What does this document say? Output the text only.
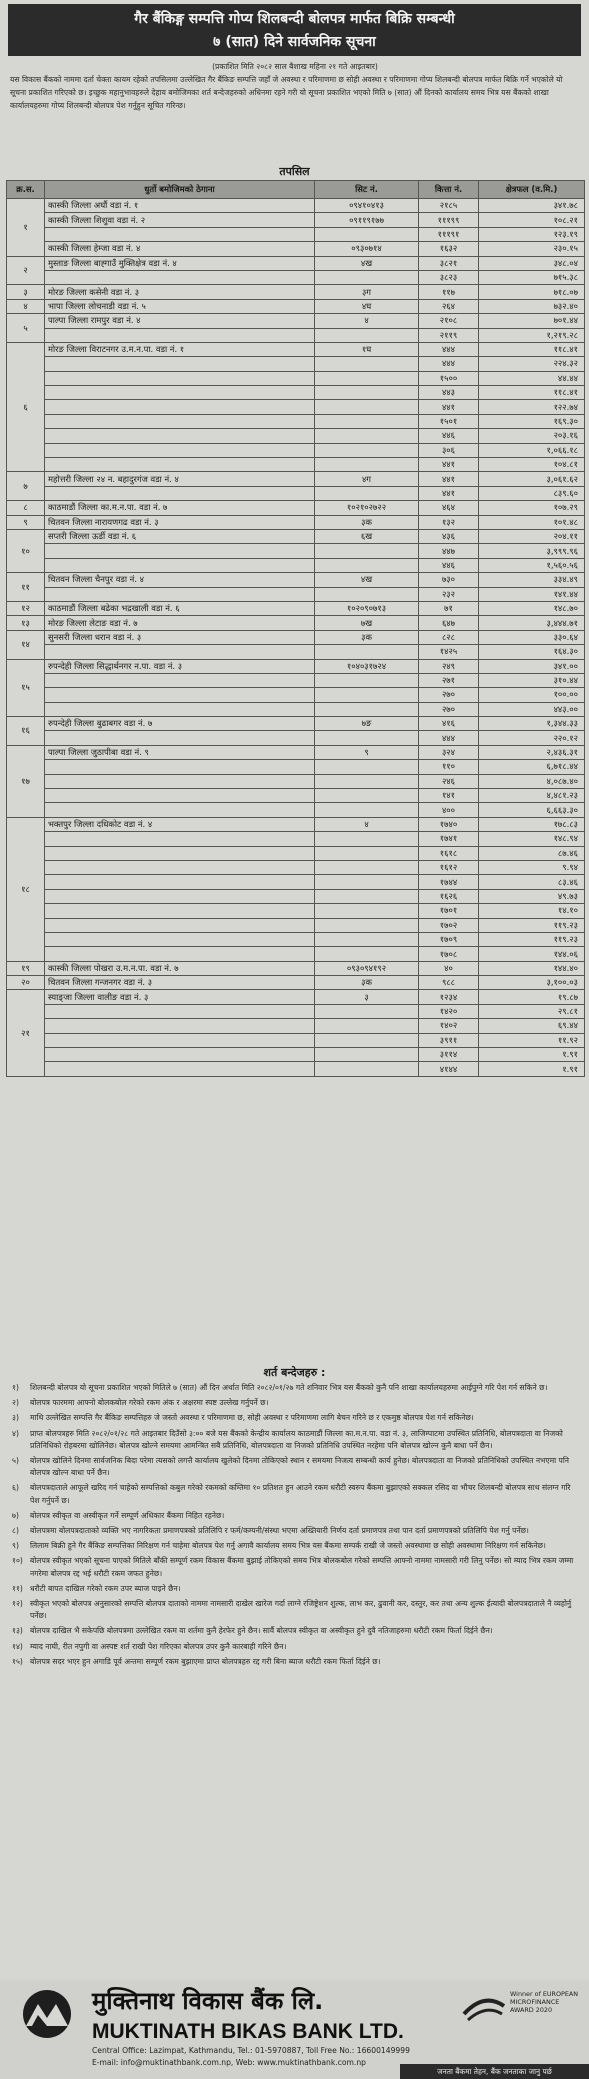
गैर बैंकिङ्ग सम्पत्ति गोप्य शिलबन्दी बोलपत्र मार्फत बिक्रि सम्बन्धी
७ (सात) दिने सार्वजनिक सूचना
(प्रकाशित मिति २०८२ साल बैशाख महिना २१ गते आइतबार)
यस विकास बैंकको नाममा दर्ता चेक्ता कायम रहेको तपसिलमा उल्लेखित गैर बैंकिङ सम्पत्ति जहाँ जे अवस्था र परिमाणमा छ सोही अवस्था र परिमाणमा गोप्य शिलबन्दी बोलपत्र मार्फत बिक्रि गर्ने भएकोले यो सूचना प्रकाशित गरिएको छ। इच्छुक महानुभावहरुले देहाय बमोजिमका शर्त बन्देजहरुको अधिनमा रहने गरी यो सूचना प्रकाशित भएको मिति ७ (सात) औं दिनको कार्यालय समय भित्र यस बैंकको शाखा कार्यालयहरुमा गोप्य शिलबन्दी बोलपत्र पेश गर्नुहुन सूचित गरिन्छ।
तपसिल
क्र.स.	धुर्तो बमोजिमको ठेगाना	सिट नं.	कित्ता नं.	क्षेत्रफल (व.मि.)
१	कास्की जिल्ला अर्घौ वडा नं. १	०९४१०४१३	२१८५	३४१.७८
	कास्की जिल्ला शिशुवा वडा नं. २	०९११९१७७	१११९९	१०८.२१
			१११९१	१२३.१९
	कास्की जिल्ला हेम्जा वडा नं. ४	०९३०७१४	१६३२	२३०.१५
२	मुस्ताङ जिल्ला बाह्गाउँ मुक्तिक्षेत्र वडा नं. ४	४ख	३८२१	३४८.०४
			३८२३	७१५.३८
३	मोरङ जिल्ला कसेनी वडा नं. ३	३ग	११७	७१८.०७
४	भापा जिल्ला लोचनाडी वडा नं. ५	४घ	२६४	७३२.४०
५	पाल्पा जिल्ला रामपुर वडा नं. ४	४	२१०८	७०१.४४
			२११९	१,२१९.२८
६	मोरङ जिल्ला विराटनगर उ.म.न.पा. वडा नं. १	१घ	४४४	११८.४१
			४४४	२२४.३२
			१५००	४४.४४
			४४३	११८.४१
			४४१	१२२.७४
			१५०१	१६९.३०
			४४६	२०३.१६
			३०६	१,०६६.१८
			४४१	१०४.८१
७	महोत्तरी जिल्ला २४ न. बहादुरगंज वडा नं. ४	४ग	४४१	३,०६१.६२
			४४१	८३९.६०
८	काठमाडौं जिल्ला का.म.न.पा. वडा नं. ७	१०२१०२७२२	४६४	१०७.२९
९	चितवन जिल्ला नारायणगढ वडा नं. ३	३क	१३२	१०१.४८
१०	सप्तरी जिल्ला ऊर्डी वडा नं. ६	६ख	४३६	२०४.११
			४४७	३,९९९.९६
			४४६	१,५६०.५६
११	चितवन जिल्ला चैनपुर वडा नं. ४	४ख	७३०	३३४.४९
			२३२	१४१.४४
१२	काठमाडौं जिल्ला बढेका भद्रखाली वडा नं. ६	१०२०९०७१३	७१	१४८.७०
१३	मोरङ जिल्ला लेटाङ वडा नं. ७	७ख	६४७	३,४४४.७१
१४	सुनसरी जिल्ला धरान वडा नं. ३	३क	८२८	३३०.६४
			१४२५	१६४.३०
१५	रुपन्देही जिल्ला सिद्धार्थनगर न.पा. वडा नं. ३	१०४०३१७२४	२४९	३४१.००
			२७१	३१०.४४
			२७०	१००.००
			२७०	४४३.००
१६	रुपन्देही जिल्ला बुढाबगर वडा नं. ७	७ङ	४१६	१,३४४.३३
			४४४	२२०.१२
१७	पाल्पा जिल्ला जुठापीबा वडा नं. ९	९	३२४	२,४३६.३१
			११०	६,७१८.४४
			२४६	४,०८७.४०
			१४१	४,४८१.२३
			४००	६,६६३.३०
१८	भक्तपुर जिल्ला दधिकोट वडा नं. ४	४	१७४०	१७८.८३
			१७४१	१४८.९४
			१६१८	८७.४६
			१६१२	९.९४
			१७४४	८३.४६
			१६२६	४९.७३
			१७०१	१४.१०
			१७०२	११९.२३
			१७०९	११९.२३
			१७०८	१४४.०६
१९	कास्की जिल्ला पोखरा उ.म.न.पा. वडा नं. ७	०९३०९४१९२	४०	१४४.४०
२०	चितवन जिल्ला गन्जनगर वडा नं. ३	३क	९८८	३,१००.०३
२१	स्याङ्जा जिल्ला वालीङ वडा नं. ३	३	१२३४	१९.८७
			१४२०	२९.८१
			१४०२	६९.४४
			३९११	११.९२
			३११४	१.९१
			४१४४	१.९१
शर्त बन्देजहरु :
१)	शिलबन्दी बोलपत्र यो सूचना प्रकाशित भएको मितिले ७ (सात) औं दिन अर्थात मिति २०८२/०१/२७ गते शनिवार भित्र यस बैंकको कुनै पनि शाखा कार्यालयहरुमा आईपुग्ने गरि पेश गर्न सकिने छ।
२)	बोलपत्र फारममा आफ्नो बोलकबोल गरेको रकम अंक र अक्षरमा स्पष्ट उल्लेख गर्नुपर्ने छ।
३)	माथि उल्लेखित सम्पत्ति गैर बैंकिङ सम्पत्तिहरु जे जस्तो अवस्था र परिमाणमा छ, सोही अवस्था र परिमाणमा लागि बेचन गरिने छ र एकमुष्ठ बोलपत्र पेश गर्न सकिनेछ।
४)	प्राप्त बोलपत्रहरु मिति २०८२/०१/२८ गते आइतबार दिउँसो ३:०० बजे यस बैंकको केन्द्रीय कार्यालय काठमाडौं जिल्ला का.म.न.पा. वडा नं. ३, लाजिम्पाटमा उपस्थित प्रतिनिधि, बोलपत्रदाता वा निजको प्रतिनिधिको रोहबरमा खोलिनेछ। बोलपत्र खोल्ने समयमा आमन्त्रित सबै प्रतिनिधि, बोलपत्रदाता वा निजको प्रतिनिधि उपस्थित नरहेमा पनि बोलपत्र खोल्न कुनै बाधा पर्ने छैन।
५)	बोलपत्र खोलिने दिनमा सार्वजनिक बिदा परेमा त्यसको लगत्तै कार्यालय खुलेको दिनमा तोकिएको स्थान र समयमा निजत्व सम्बन्धी कार्य हुनेछ। बोलपत्रदाता वा निजको प्रतिनिधिको उपस्थित नभएमा पनि बोलपत्र खोल्न बाधा पर्ने छैन।
६)	बोलपत्रदाताले आफूले खरिद गर्न चाहेको सम्पत्तिको कबुल गरेको रकमको कम्तिमा १० प्रतिशत हुन आउने रकम धरौटी स्वरुप बैंकमा बुझाएको सक्कल रसिद वा भौचर शिलबन्दी बोलपत्र साथ संलग्न गरि पेश गर्नुपर्ने छ।
७)	बोलपत्र स्वीकृत वा अस्वीकृत गर्ने सम्पूर्ण अधिकार बैंकमा निहित रहनेछ।
८)	बोलपत्रमा बोलपत्रदाताको व्यक्ति भए नागरिकता प्रमाणपत्रको प्रतिलिपि र फर्म/कम्पनी/संस्था भएमा अख्तियारी निर्णय दर्ता प्रमाणपत्र तथा पान दर्ता प्रमाणपत्रको प्रतिलिपि पेश गर्नु पर्नेछ।
९)	लिलाम बिक्री हुने गैर बैंकिङ सम्पत्तिका निरिक्षण गर्न चाहेमा बोलपत्र पेश गर्नु अगावै कार्यालय समय भित्र यस बैंकमा सम्पर्क राखी जे जस्तो अवस्थामा छ सोही अवस्थामा निरिक्षण गर्न सकिनेछ।
१०) बोलपत्र स्वीकृत भएको सूचना पाएको मितिले बाँकी सम्पूर्ण रकम विकास बैंकमा बुझाई तोकिएको समय भित्र बोलकबोल गरेको सम्पत्ति आफ्नो नाममा नामसारी गरी लिनु पर्नेछ। सो म्याद भित्र रकम जम्मा नगरेमा बोलपत्र रद्द भई धरौटी रकम जफत हुनेछ।
११) धरौटी बापत दाखिल गरेको रकम उपर ब्याज पाइने छैन।
१२) स्वीकृत भएको बोलपत्र अनुसारको सम्पत्ति बोलपत्र दाताको नाममा नामसारी दाखेल खारेज गर्दा लाग्ने रजिष्ट्रेशन शुल्क, लाभ कर, ढुवानी कर, दस्तुर, कर तथा अन्य शुल्क ईत्यादी बोलपत्रदाताले नै व्यहोर्नु पर्नेछ।
१३) बोलपत्र दाखिल भै सकेपछि बोलपत्रमा उल्लेखित रकम वा शर्तमा कुनै हेरफेर हुने छैन। सार्वै बोलपत्र स्वीकृत वा अस्वीकृत हुने दुवै नतिजाहरुमा धरौटी रकम फिर्ता दिईने छैन।
१४) म्याद नाघी, रीत नपुगी वा अस्पष्ट शर्त राखी पेश गरिएका बोलपत्र उपर कुनै कारबाही गरिने छैन।
१५) बोलपत्र सदर भएर हुन अगाडि पूर्व अन्तमा सम्पूर्ण रकम बुझाएमा प्राप्त बोलपत्रहरु रद्द गरी बिना ब्याज धरौटी रकम फिर्ता दिईने छ।
मुक्तिनाथ विकास बैंक लि.
MUKTINATH BIKAS BANK LTD.
Central Office: Lazimpat, Kathmandu, Tel.: 01-5970887, Toll Free No.: 16600149999
E-mail: info@muktinathbank.com.np, Web: www.muktinathbank.com.np
Winner of EUROPEAN MICROFINANCE AWARD 2020
जनता बैंकमा तेहन, बैंक जनताका जानु पर्छ
